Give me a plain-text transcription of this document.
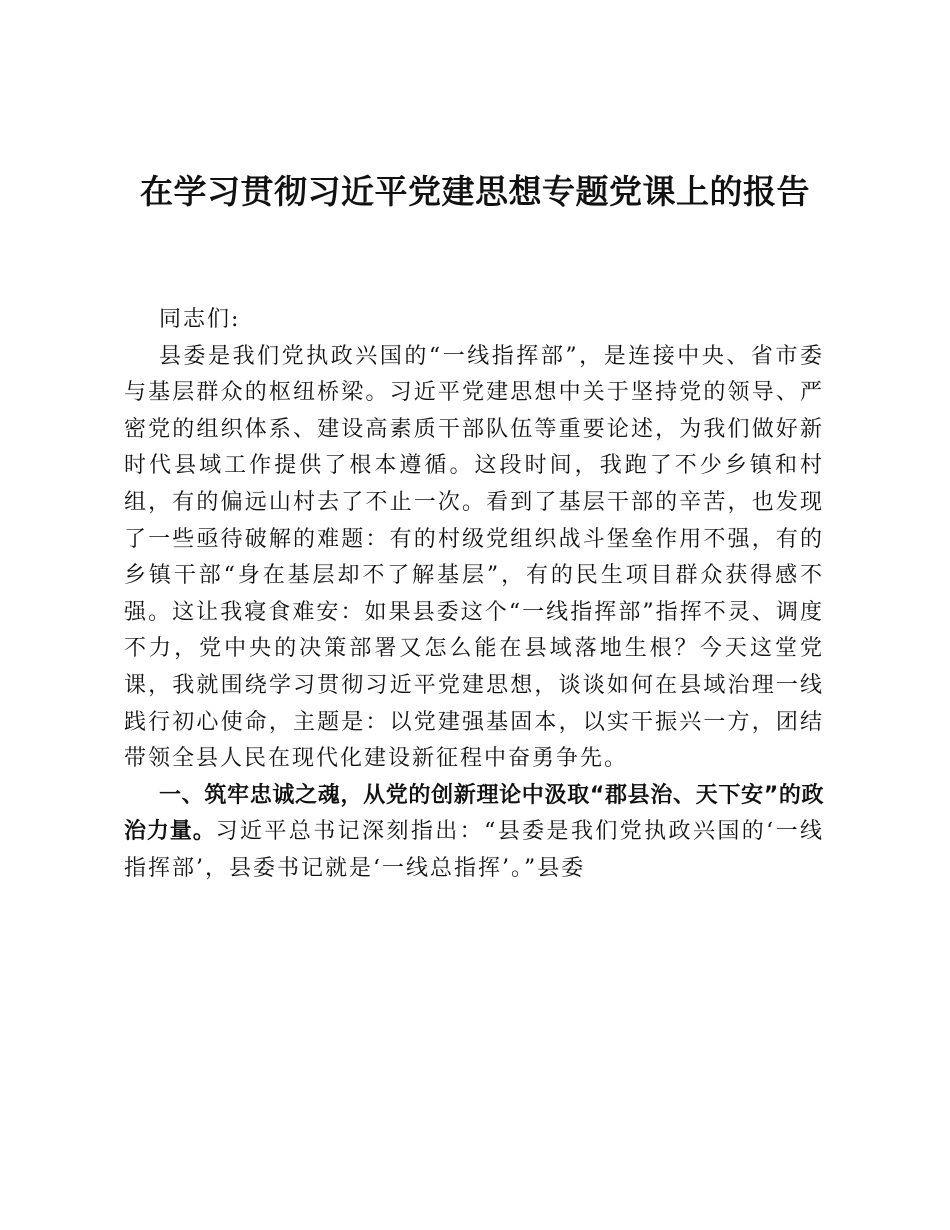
在学习贯彻习近平党建思想专题党课上的报告

同志们:

县委是我们党执政兴国的“一线指挥部”，是连接中央、省市委与基层群众的枢纽桥梁。习近平党建思想中关于坚持党的领导、严密党的组织体系、建设高素质干部队伍等重要论述，为我们做好新时代县域工作提供了根本遵循。这段时间，我跑了不少乡镇和村组，有的偏远山村去了不止一次。看到了基层干部的辛苦，也发现了一些亟待破解的难题：有的村级党组织战斗堡垒作用不强，有的乡镇干部“身在基层却不了解基层”，有的民生项目群众获得感不强。这让我寝食难安：如果县委这个“一线指挥部”指挥不灵、调度不力，党中央的决策部署又怎么能在县域落地生根？今天这堂党课，我就围绕学习贯彻习近平党建思想，谈谈如何在县域治理一线践行初心使命，主题是：以党建强基固本，以实干振兴一方，团结带领全县人民在现代化建设新征程中奋勇争先。

一、筑牢忠诚之魂，从党的创新理论中汲取“郡县治、天下安”的政治力量。习近平总书记深刻指出：“县委是我们党执政兴国的‘一线指挥部’，县委书记就是‘一线总指挥’。”县委
